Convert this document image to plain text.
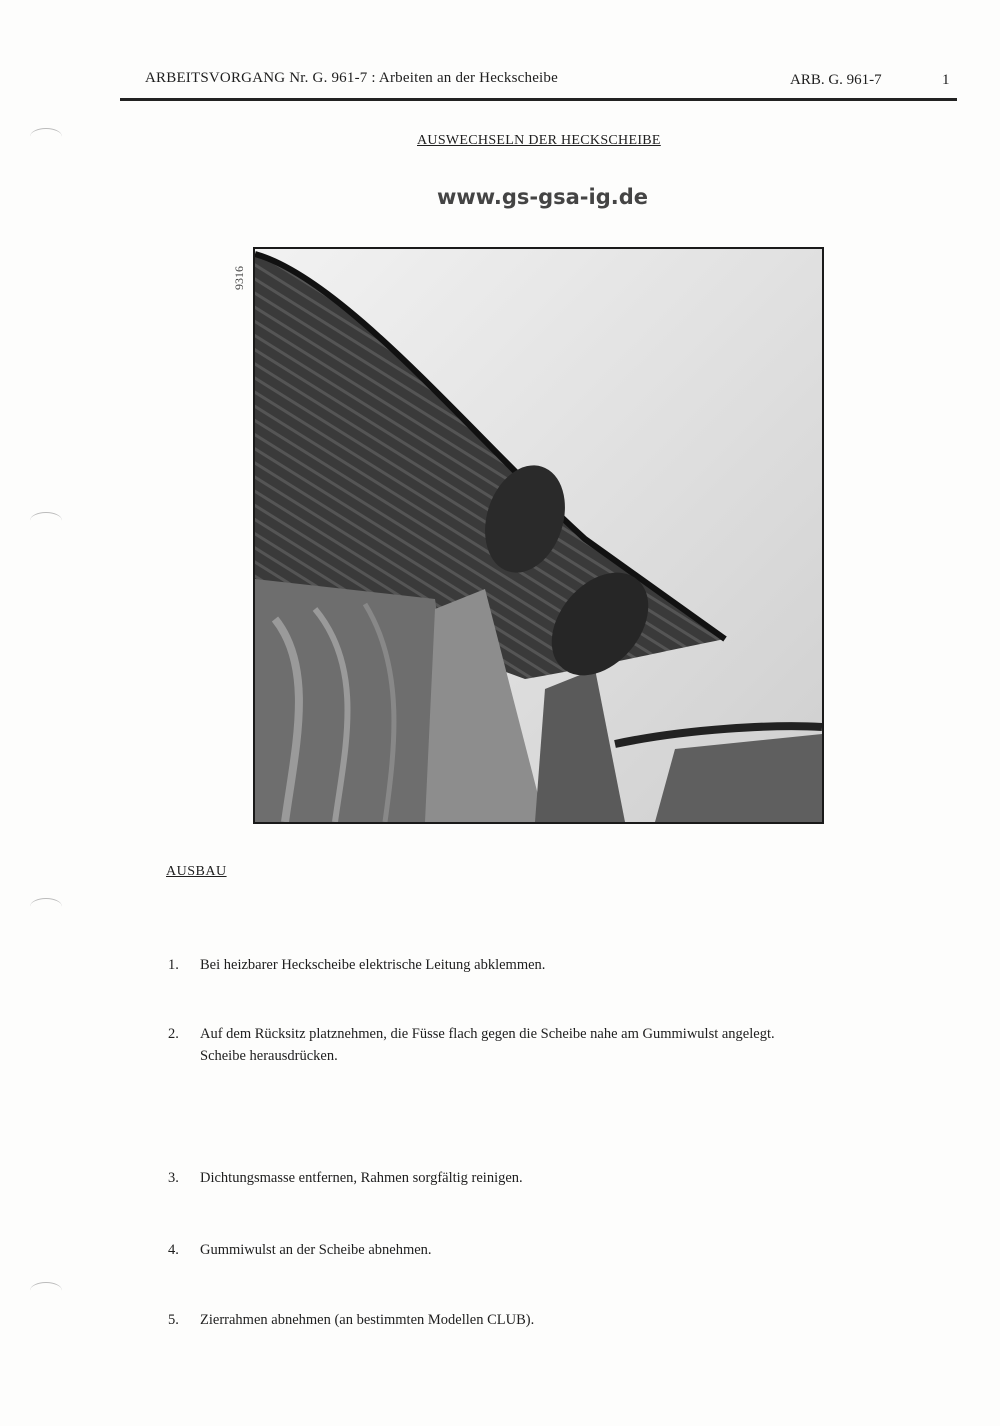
ARBEITSVORGANG Nr. G. 961-7 : Arbeiten an der Heckscheibe	ARB. G. 961-7	1
AUSWECHSELN DER HECKSCHEIBE
www.gs-gsa-ig.de
9316
AUSBAU
1. Bei heizbarer Heckscheibe elektrische Leitung abklemmen.
2. Auf dem Rücksitz platznehmen, die Füsse flach gegen die Scheibe nahe am Gummiwulst angelegt.
Scheibe herausdrücken.
3. Dichtungsmasse entfernen, Rahmen sorgfältig reinigen.
4. Gummiwulst an der Scheibe abnehmen.
5. Zierrahmen abnehmen (an bestimmten Modellen CLUB).
